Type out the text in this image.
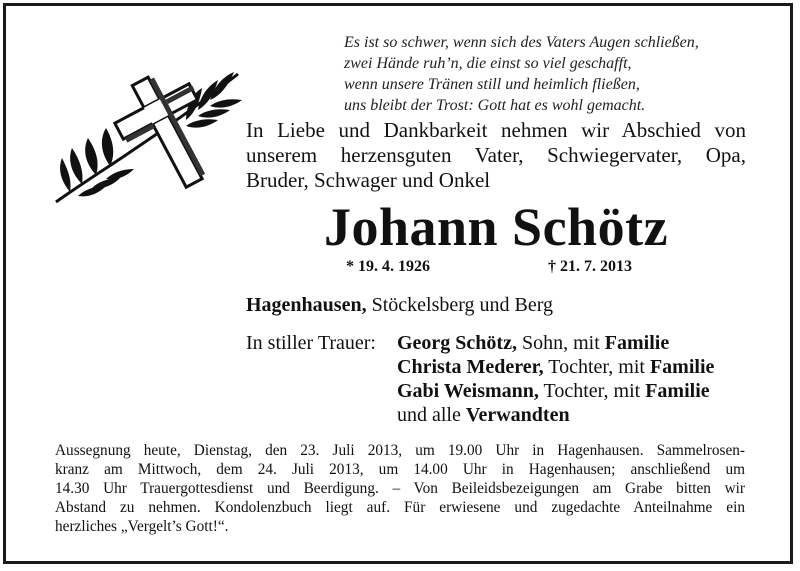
Es ist so schwer, wenn sich des Vaters Augen schließen,
zwei Hände ruh’n, die einst so viel geschafft,
wenn unsere Tränen still und heimlich fließen,
uns bleibt der Trost: Gott hat es wohl gemacht.
In Liebe und Dankbarkeit nehmen wir Abschied von
unserem herzensguten Vater, Schwiegervater, Opa,
Bruder, Schwager und Onkel
Johann Schötz
* 19. 4. 1926	† 21. 7. 2013
Hagenhausen, Stöckelsberg und Berg
In stiller Trauer: Georg Schötz, Sohn, mit Familie
Christa Mederer, Tochter, mit Familie
Gabi Weismann, Tochter, mit Familie
und alle Verwandten
Aussegnung heute, Dienstag, den 23. Juli 2013, um 19.00 Uhr in Hagenhausen. Sammelrosen-
kranz am Mittwoch, dem 24. Juli 2013, um 14.00 Uhr in Hagenhausen; anschließend um
14.30 Uhr Trauergottesdienst und Beerdigung. – Von Beileidsbezeigungen am Grabe bitten wir
Abstand zu nehmen. Kondolenzbuch liegt auf. Für erwiesene und zugedachte Anteilnahme ein
herzliches „Vergelt’s Gott!“.
